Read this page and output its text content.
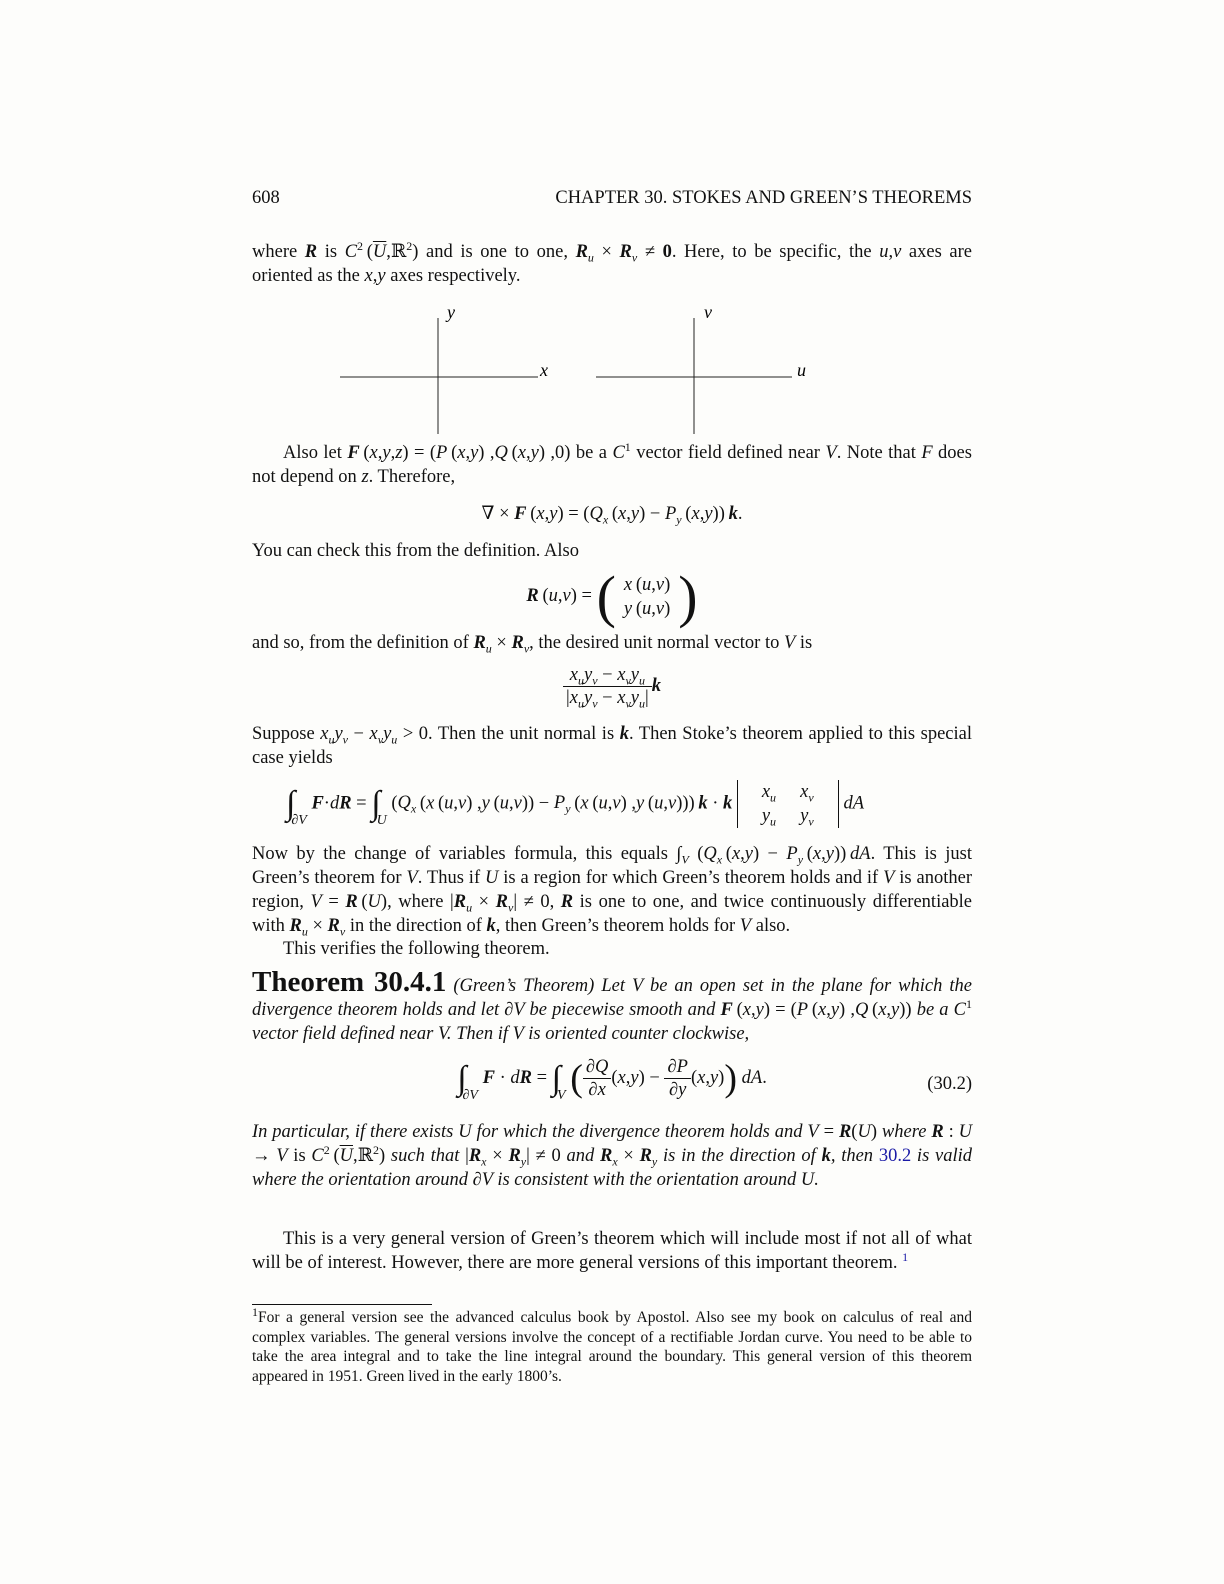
608	CHAPTER 30. STOKES AND GREEN’S THEOREMS
where R is $C^2$ $(\overline{U},ℝ^2)$ and is one to one, $R_u \times R_v \ne 0$. Here, to be specific, the u,v axes are oriented as the x,y axes respectively.
x
y
u
v
Also let F (x,y,z) = (P (x,y) ,Q (x,y) ,0) be a $C^1$ vector field defined near V. Note that F does not depend on z. Therefore,
∇ × F $(x,y) = (Q_x$ $(x,y) - P_y$ (x,y)) k.
You can check this from the definition. Also
R (u,v) = ( x (u,v)
y (u,v) )
and so, from the definition of $R_u \times R_v$, the desired unit normal vector to V is
$\frac{x_uy_v - x_vy_u}{|x_uy_v - x_vy_u|}$ k
Suppose $x_uy_v - x_vy_u > 0$. Then the unit normal is k. Then Stoke’s theorem applied to this special case yields
$\int_{\partial V}$ $F\cdot dR = \int_U$ ($Q_x$ (x (u,v) ,y $(u,v)) - P_y$ (x (u,v) ,y (u,v))) k · k
$x_u$ $x_v$
$y_u$ $y_v$
dA
Now by the change of variables formula, this equals $\int_V$ ($Q_x$ $(x,y) - P_y$ (x,y)) dA. This is just Green’s theorem for V. Thus if U is a region for which Green’s theorem holds and if V is another region, V = R (U), where $|R_u \times R_v| \ne 0$, R is one to one, and twice continuously differentiable with $R_u \times R_v$ in the direction of k, then Green’s theorem holds for V also.
This verifies the following theorem.
Theorem 30.4.1 (Green’s Theorem) Let V be an open set in the plane for which the divergence theorem holds and let ∂V be piecewise smooth and F (x,y) = (P (x,y) ,Q (x,y)) be a $C^1$ vector field defined near V. Then if V is oriented counter clockwise,
$\int_{\partial V}$ F · dR = $\int_V$ ( $\frac{\partial Q}{\partial x} (x,y) - \frac{\partial P}{\partial y} (x,y)$) dA.	(30.2)
In particular, if there exists U for which the divergence theorem holds and V = R(U) where R : U → V is $C^2$ $(\overline{U},ℝ^2)$ such that $|R_x \times R_y| \ne 0$ and $R_x \times R_y$ is in the direction of k, then 30.2 is valid where the orientation around ∂V is consistent with the orientation around U.
This is a very general version of Green’s theorem which will include most if not all of what will be of interest. However, there are more general versions of this important theorem. $^1$
$^1$For a general version see the advanced calculus book by Apostol. Also see my book on calculus of real and complex variables. The general versions involve the concept of a rectifiable Jordan curve. You need to be able to take the area integral and to take the line integral around the boundary. This general version of this theorem appeared in 1951. Green lived in the early 1800’s.
